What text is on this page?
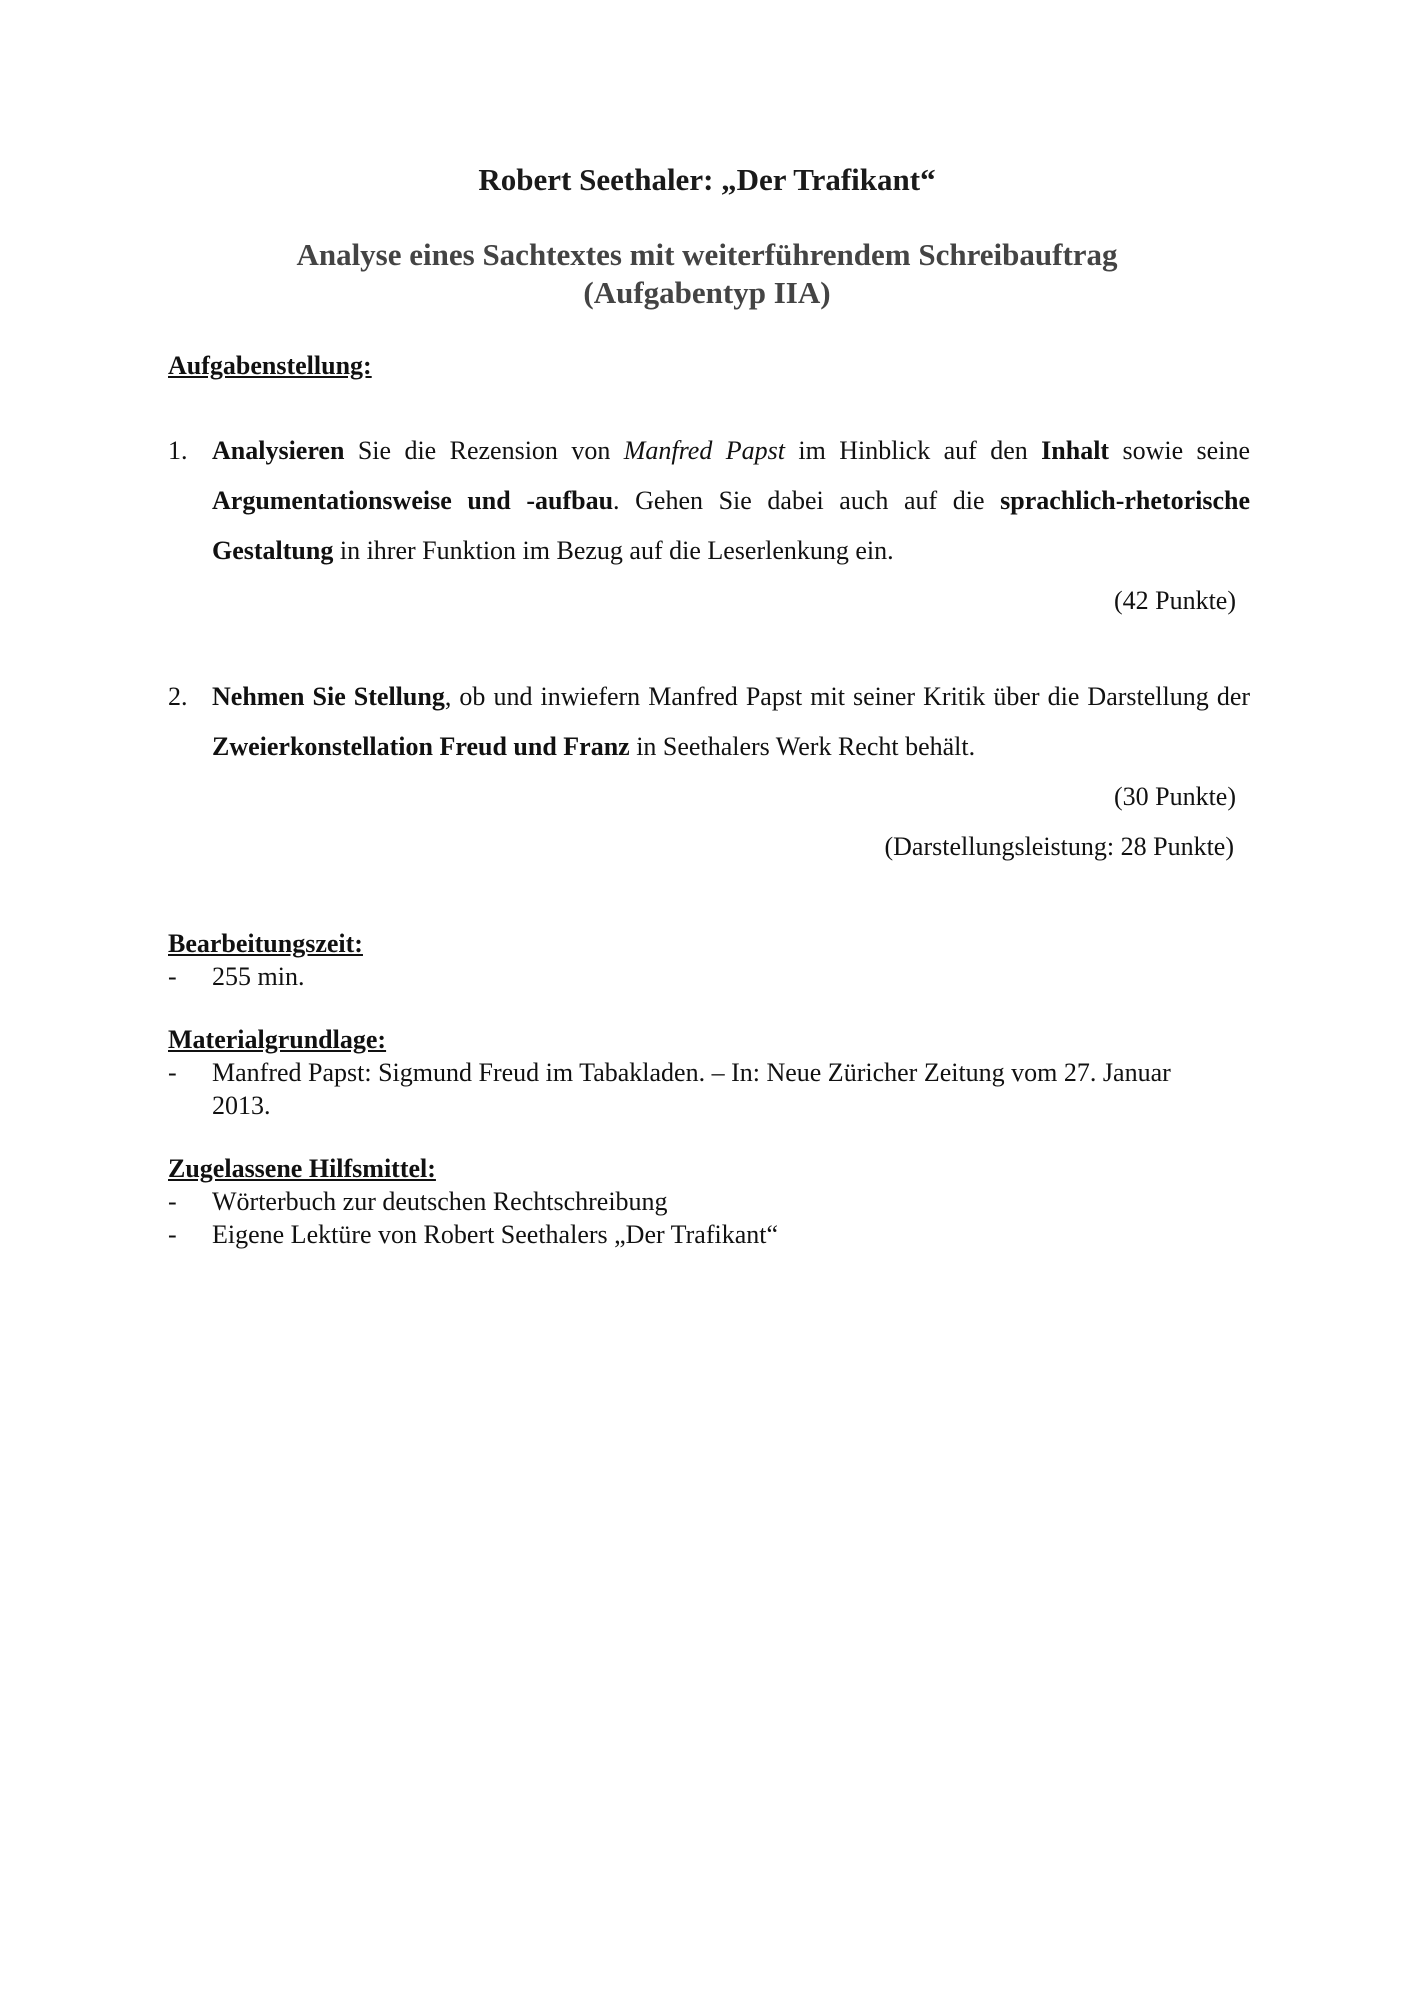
Robert Seethaler: „Der Trafikant“
Analyse eines Sachtextes mit weiterführendem Schreibauftrag
(Aufgabentyp IIA)
Aufgabenstellung:
1. Analysieren Sie die Rezension von Manfred Papst im Hinblick auf den Inhalt sowie seine Argumentationsweise und -aufbau. Gehen Sie dabei auch auf die sprachlich-rhetorische Gestaltung in ihrer Funktion im Bezug auf die Leserlenkung ein.
(42 Punkte)
2. Nehmen Sie Stellung, ob und inwiefern Manfred Papst mit seiner Kritik über die Darstellung der Zweierkonstellation Freud und Franz in Seethalers Werk Recht behält.
(30 Punkte)
(Darstellungsleistung: 28 Punkte)
Bearbeitungszeit:
- 255 min.
Materialgrundlage:
- Manfred Papst: Sigmund Freud im Tabakladen. – In: Neue Züricher Zeitung vom 27. Januar 2013.
Zugelassene Hilfsmittel:
- Wörterbuch zur deutschen Rechtschreibung
- Eigene Lektüre von Robert Seethalers „Der Trafikant“
